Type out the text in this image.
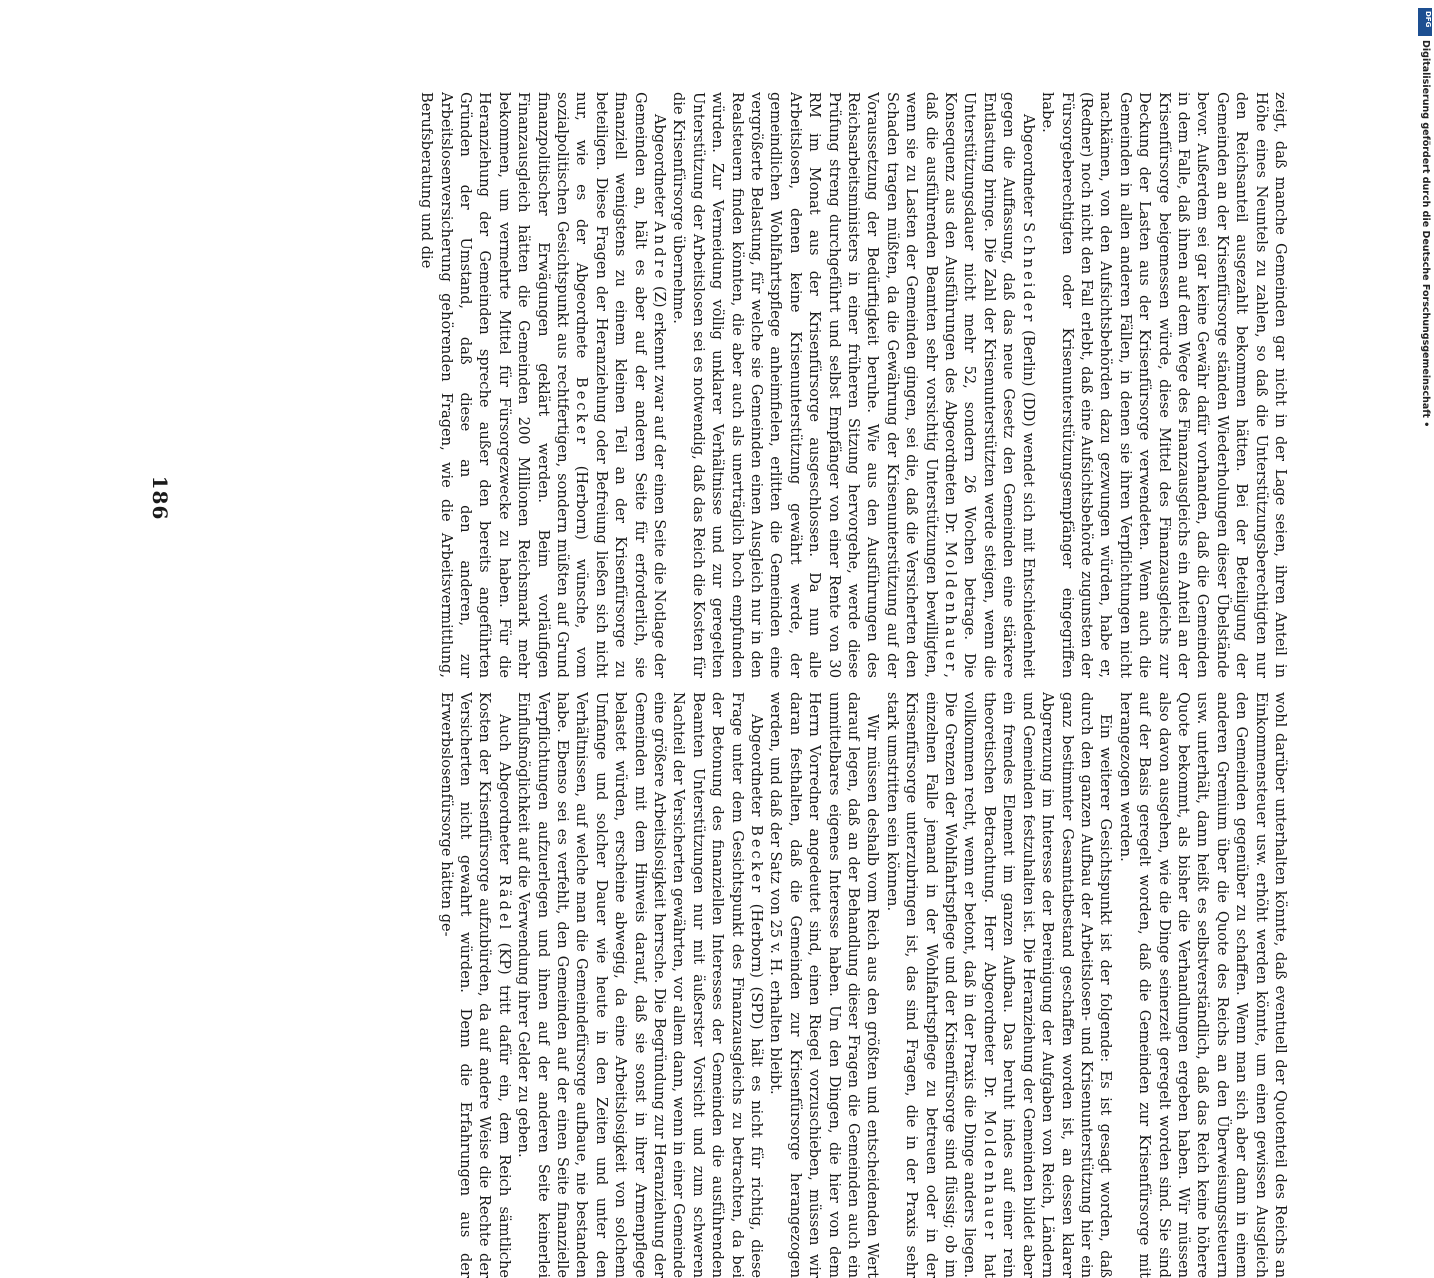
zeigt, daß manche Gemeinden gar nicht in der Lage seien, ihren Anteil in Höhe eines Neuntels zu zahlen, so daß die Unterstützungsberechtigten nur den Reichsanteil ausgezahlt bekommen hätten. Bei der Beteiligung der Gemeinden an der Krisenfürsorge ständen Wiederholungen dieser Übelstände bevor. Außerdem sei gar keine Gewähr dafür vorhanden, daß die Gemeinden in dem Falle, daß ihnen auf dem Wege des Finanzausgleichs ein Anteil an der Krisenfürsorge beigemessen würde, diese Mittel des Finanzausgleichs zur Deckung der Lasten aus der Krisenfürsorge verwendeten. Wenn auch die Gemeinden in allen anderen Fällen, in denen sie ihren Verpflichtungen nicht nachkämen, von den Aufsichtsbehörden dazu gezwungen würden, habe er, (Redner) noch nicht den Fall erlebt, daß eine Aufsichtsbehörde zugunsten der Fürsorgeberechtigten oder Krisenunterstützungsempfänger eingegriffen habe.

Abgeordneter Schneider (Berlin) (DD) wendet sich mit Entschiedenheit gegen die Auffassung, daß das neue Gesetz den Gemeinden eine stärkere Entlastung bringe. Die Zahl der Krisenunterstützten werde steigen, wenn die Unterstützungsdauer nicht mehr 52, sondern 26 Wochen betrage. Die Konsequenz aus den Ausführungen des Abgeordneten Dr. Moldenhauer, daß die ausführenden Beamten sehr vorsichtig Unterstützungen bewilligten, wenn sie zu Lasten der Gemeinden gingen, sei die, daß die Versicherten den Schaden tragen müßten, da die Gewährung der Krisenunterstützung auf der Voraussetzung der Bedürftigkeit beruhe. Wie aus den Ausführungen des Reichsarbeitsministers in einer früheren Sitzung hervorgehe, werde diese Prüfung streng durchgeführt und selbst Empfänger von einer Rente von 30 RM im Monat aus der Krisenfürsorge ausgeschlossen. Da nun alle Arbeitslosen, denen keine Krisenunterstützung gewährt werde, der gemeindlichen Wohlfahrtspflege anheimfielen, erlitten die Gemeinden eine vergrößerte Belastung, für welche sie Gemeinden einen Ausgleich nur in den Realsteuern finden könnten, die aber auch als unerträglich hoch empfunden würden. Zur Vermeidung völlig unklarer Verhältnisse und zur geregelten Unterstützung der Arbeitslosen sei es notwendig, daß das Reich die Kosten für die Krisenfürsorge übernehme.

Abgeordneter Andre (Z) erkennt zwar auf der einen Seite die Notlage der Gemeinden an, hält es aber auf der anderen Seite für erforderlich, sie finanziell wenigstens zu einem kleinen Teil an der Krisenfürsorge zu beteiligen. Diese Fragen der Heranziehung oder Befreiung ließen sich nicht nur, wie es der Abgeordnete Becker (Herborn) wünsche, vom sozialpolitischen Gesichtspunkt aus rechtfertigen, sondern müßten auf Grund finanzpolitischer Erwägungen geklärt werden. Beim vorläufigen Finanzausgleich hätten die Gemeinden 200 Millionen Reichsmark mehr bekommen, um vermehrte Mittel für Fürsorgezwecke zu haben. Für die Heranziehung der Gemeinden spreche außer den bereits angeführten Gründen der Umstand, daß diese an den anderen, zur Arbeitslosenversicherung gehörenden Fragen, wie die Arbeitsvermittlung, Berufsberatung und die

wohl darüber unterhalten könnte, daß eventuell der Quotenteil des Reichs an Einkommensteuer usw. erhöht werden könnte, um einen gewissen Ausgleich den Gemeinden gegenüber zu schaffen. Wenn man sich aber dann in einem anderen Gremium über die Quote des Reichs an den Überweisungssteuern usw. unterhält, dann heißt es selbstverständlich, daß das Reich keine höhere Quote bekommt, als bisher die Verhandlungen ergeben haben. Wir müssen also davon ausgehen, wie die Dinge seinerzeit geregelt worden sind. Sie sind auf der Basis geregelt worden, daß die Gemeinden zur Krisenfürsorge mit herangezogen werden.

Ein weiterer Gesichtspunkt ist der folgende: Es ist gesagt worden, daß durch den ganzen Aufbau der Arbeitslosen- und Krisenunterstützung hier ein ganz bestimmter Gesamtatbestand geschaffen worden ist, an dessen klarer Abgrenzung im Interesse der Bereinigung der Aufgaben von Reich, Ländern und Gemeinden festzuhalten ist. Die Heranziehung der Gemeinden bildet aber ein fremdes Element im ganzen Aufbau. Das beruht indes auf einer rein theoretischen Betrachtung. Herr Abgeordneter Dr. Moldenhauer hat vollkommen recht, wenn er betont, daß in der Praxis die Dinge anders liegen. Die Grenzen der Wohlfahrtspflege und der Krisenfürsorge sind flüssig; ob im einzelnen Falle jemand in der Wohlfahrtspflege zu betreuen oder in der Krisenfürsorge unterzubringen ist, das sind Fragen, die in der Praxis sehr stark umstritten sein können.

Wir müssen deshalb vom Reich aus den größten und entscheidenden Wert darauf legen, daß an der Behandlung dieser Fragen die Gemeinden auch ein unmittelbares eigenes Interesse haben. Um den Dingen, die hier von dem Herrn Vorredner angedeutet sind, einen Riegel vorzuschieben, müssen wir daran festhalten, daß die Gemeinden zur Krisenfürsorge herangezogen werden, und daß der Satz von 25 v. H. erhalten bleibt.

Abgeordneter Becker (Herborn) (SPD) hält es nicht für richtig, diese Frage unter dem Gesichtspunkt des Finanzausgleichs zu betrachten, da bei der Betonung des finanziellen Interesses der Gemeinden die ausführenden Beamten Unterstützungen nur mit äußerster Vorsicht und zum schweren Nachteil der Versicherten gewährten, vor allem dann, wenn in einer Gemeinde eine größere Arbeitslosigkeit herrsche. Die Begründung zur Heranziehung der Gemeinden mit dem Hinweis darauf, daß sie sonst in ihrer Armenpflege belastet würden, erscheine abwegig, da eine Arbeitslosigkeit von solchem Umfange und solcher Dauer wie heute in den Zeiten und unter den Verhältnissen, auf welche man die Gemeindefürsorge aufbaue, nie bestanden habe. Ebenso sei es verfehlt, den Gemeinden auf der einen Seite finanzielle Verpflichtungen aufzuerlegen und ihnen auf der anderen Seite keinerlei Einflußmöglichkeit auf die Verwendung ihrer Gelder zu geben.

Auch Abgeordneter Rädel (KP) tritt dafür ein, dem Reich sämtliche Kosten der Krisenfürsorge aufzubürden, da auf andere Weise die Rechte der Versicherten nicht gewahrt würden. Denn die Erfahrungen aus der Erwerbslosenfürsorge hätten ge-

186
DFG
Digitalisierung gefördert durch die Deutsche Forschungsgemeinschaft •
